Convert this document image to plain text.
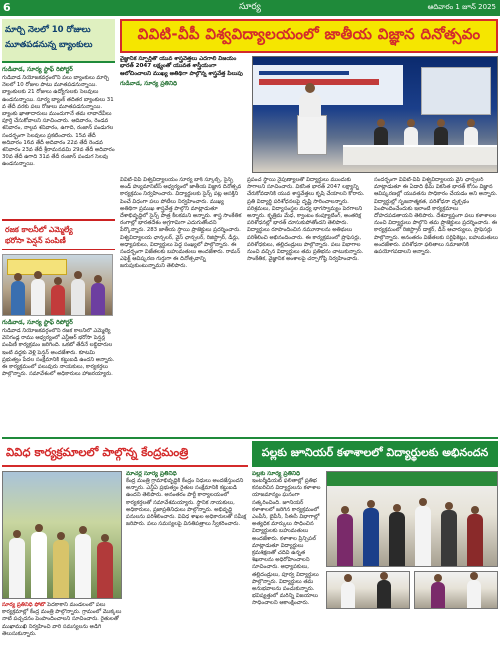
6	సూర్య	ఆదివారం 1 జూన్ 2025
మార్చి నెలలో 10 రోజులు
మూతపడనున్న బ్యాంకులు
గుడివాడ, సూర్య స్టాఫ్ రిపోర్టర్
గుడివాడ నియోజకవర్గంలోని పలు బ్యాంకులు మార్చి నెలలో 10 రోజుల పాటు మూతపడనున్నాయి. బ్యాంకులకు 21 రోజులు ఉద్యోగులకు సెలవులు ఉండనున్నాయి. సూర్య బ్యాంక్ తదితర బ్యాంకులు 31 వ తేదీ వరకు పలు రోజులు మూతపడనున్నాయి. బ్యాంకు ఖాతాదారులు ముందుగానే తమ లావాదేవీలు పూర్తి చేసుకోవాలని సూచించారు. ఆదివారం, రెండవ శనివారం, నాల్గవ శనివారం, ఉగాది, రంజాన్ పండుగల సందర్భంగా సెలవులు ప్రకటించారు. 15వ తేదీ అదివారం 16వ తేదీ అదివారం 22వ తేదీ రెండవ శనివారం 23వ తేదీ శ్రీరామనవమి 29వ తేదీ అదివారం 30వ తేదీ ఉగాది 31వ తేదీ రంజాన్ పండుగ సెలవు ఉండనున్నాయి.
రజక కాలనీలో ఎమ్మెల్యే
భరోసా పెన్షన్ పంపిణీ
గుడివాడ, సూర్య స్టాఫ్ రిపోర్టర్
గుడివాడ నియోజకవర్గంలోని రజక కాలనీలో ఎమ్మెల్యే వెనిగండ్ల రాము ఆధ్వర్యంలో ఎన్టీఆర్ భరోసా పెన్షన్ల పంపిణీ కార్యక్రమం జరిగింది. ఒకటో తేదీనే లబ్ధిదారుల ఇంటి వద్దకు వెళ్లి పెన్షన్ అందజేశారు. కూటమి ప్రభుత్వం పేదల సంక్షేమానికి కట్టుబడి ఉందని అన్నారు. ఈ కార్యక్రమంలో పలువురు నాయకులు, కార్యకర్తలు పాల్గొన్నారు. సమావేశంలో అధికారులు హాజరయ్యారు.
వివిటి-వీపీ విశ్వవిద్యాలయంలో జాతీయ విజ్ఞాన దినోత్సవం
వైజ్ఞానిక స్ఫూర్తితో యువ శాస్త్రవేత్తలు ఎదగాలి విజయం భారత్ 2047 లక్ష్యంతో యువత శాస్త్రీయంగా ఆలోచించాలని ముఖ్య అతిథిగా పాల్గొన్న శాస్త్రవేత్త పిలుపు
గుడివాడ, సూర్య ప్రతినిధి
వివిటి-వీపీ విశ్వవిద్యాలయం సూర్య బాక్ స్కూల్స్, సైన్స్ అండ్ హ్యుమానిటీస్ ఆధ్వర్యంలో జాతీయ విజ్ఞాన దినోత్సవ కార్యక్రమం నిర్వహించారు. విద్యార్థులకు సైన్స్ పట్ల ఆసక్తిని పెంచే విధంగా పలు పోటీలు నిర్వహించారు. ముఖ్య అతిథిగా ప్రముఖ శాస్త్రవేత్త పాల్గొని మాట్లాడుతూ దేశాభివృద్ధిలో సైన్స్ పాత్ర కీలకమని అన్నారు. శాస్త్ర సాంకేతిక రంగాల్లో భారతదేశం అగ్రగామిగా ఎదుగుతోందని పేర్కొన్నారు. 283 జాతీయ స్థాయి ప్రాజెక్టులు ప్రదర్శించారు. విశ్వవిద్యాలయ ఛాన్సలర్, వైస్ ఛాన్సలర్, రిజిస్ట్రార్, డీన్లు, అధ్యాపకులు, విద్యార్థులు పెద్ద సంఖ్యలో పాల్గొన్నారు. ఈ సందర్భంగా విజేతలకు బహుమతులు అందజేశారు. రామన్ ఎఫెక్ట్ ఆవిష్కరణ గుర్తుగా ఈ దినోత్సవాన్ని జరుపుకుంటున్నామని తెలిపారు.
ప్రపంచ స్థాయి నైపుణ్యాలతో విద్యార్థులు ముందుకు సాగాలని సూచించారు. వికసిత భారత్ 2047 లక్ష్యాన్ని చేరుకోవడానికి యువ శాస్త్రవేత్తలు కృషి చేయాలని కోరారు. ప్రతి విద్యార్థి పరిశోధనలపై దృష్టి సారించాలన్నారు. పరిశ్రమలు, విద్యాసంస్థల మధ్య భాగస్వామ్యం పెరగాలని అన్నారు. కృత్రిమ మేధ, క్వాంటం కంప్యూటింగ్, అంతరిక్ష పరిశోధనల్లో భారత్ దూసుకుపోతోందని తెలిపారు. విద్యార్థులు రూపొందించిన నమూనాలను అతిథులు పరిశీలించి అభినందించారు. ఈ కార్యక్రమంలో ప్రొఫెసర్లు, పరిశోధకులు, తల్లిదండ్రులు పాల్గొన్నారు. పలు విభాగాల నుంచి వచ్చిన విద్యార్థులు తమ ప్రతిభను చాటుకున్నారు. సాంకేతిక, వైజ్ఞానిక అంశాలపై చర్చాగోష్ఠి నిర్వహించారు.
సందర్భంగా వివిటి-వీపీ విశ్వవిద్యాలయ వైస్ ఛాన్సలర్ మాట్లాడుతూ ఈ ఏడాది థీమ్ వికసిత భారత్ కోసం విజ్ఞాన ఆవిష్కరణల్లో యువతను సాధికారం చేయడం అని అన్నారు. విద్యార్థుల్లో సృజనాత్మకత, పరిశోధనా దృక్పథం పెంపొందించేందుకు ఇలాంటి కార్యక్రమాలు దోహదపడతాయని తెలిపారు. దేశవ్యాప్తంగా పలు కళాశాలల నుంచి విద్యార్థులు పాల్గొని తమ ప్రాజెక్టులు ప్రదర్శించారు. ఈ కార్యక్రమంలో రిజిస్ట్రార్ డాక్టర్, డీన్ ఆచార్యులు, ప్రొఫెసర్లు పాల్గొన్నారు. అనంతరం విజేతలకు సర్టిఫికెట్లు, బహుమతులు అందజేశారు. పరిశోధనా ఫలితాలు సమాజానికి ఉపయోగపడాలని అన్నారు.
వివిధ కార్యక్రమాలలో పాల్గొన్న కేంద్రమంత్రి
సూర్య ప్రతినిధి ఫోటో పెదకాకాని మండలంలో పలు కార్యక్రమాల్లో కేంద్ర మంత్రి పాల్గొన్నారు. గ్రామంలో మొక్కలు నాటి పచ్చదనం పెంపొందించాలని సూచించారు. రైతులతో ముఖాముఖి నిర్వహించి వారి సమస్యలను అడిగి తెలుసుకున్నారు.
మాచర్ల సూర్య ప్రతినిధి
కేంద్ర మంత్రి గ్రామాభివృద్ధికి కేంద్రం నిధులు అందజేస్తుందని అన్నారు. ఎన్డీఏ ప్రభుత్వం రైతుల సంక్షేమానికి కట్టుబడి ఉందని తెలిపారు. అనంతరం పార్టీ కార్యాలయంలో కార్యకర్తలతో సమావేశమయ్యారు. స్థానిక నాయకులు, అధికారులు, ప్రజాప్రతినిధులు పాల్గొన్నారు. అభివృద్ధి పనులను పరిశీలించారు. వివిధ శాఖల అధికారులతో సమీక్ష జరిపారు. పలు సమస్యలపై వినతిపత్రాలు స్వీకరించారు.
పల్లకు జూనియర్ కళాశాలలో విద్యార్థులకు అభినందన
పల్లకు సూర్య ప్రతినిధి
ఇంటర్మీడియట్ ఫలితాల్లో ప్రతిభ కనబరిచిన విద్యార్థులను కళాశాల యాజమాన్యం ఘనంగా సత్కరించింది. జూనియర్ కళాశాలలో జరిగిన కార్యక్రమంలో ఎంపీసీ, బైపీసీ, సీఈసీ విభాగాల్లో అత్యధిక మార్కులు సాధించిన విద్యార్థులకు బహుమతులు అందజేశారు. కళాశాల ప్రిన్సిపల్ మాట్లాడుతూ విద్యార్థులు క్రమశిక్షణతో చదివి ఉన్నత శిఖరాలను అధిరోహించాలని సూచించారు. అధ్యాపకులు, తల్లిదండ్రులు, పూర్వ విద్యార్థులు పాల్గొన్నారు. విద్యార్థులు తమ అనుభవాలను పంచుకున్నారు. భవిష్యత్తులో మరిన్ని విజయాలు సాధించాలని ఆకాంక్షించారు.
